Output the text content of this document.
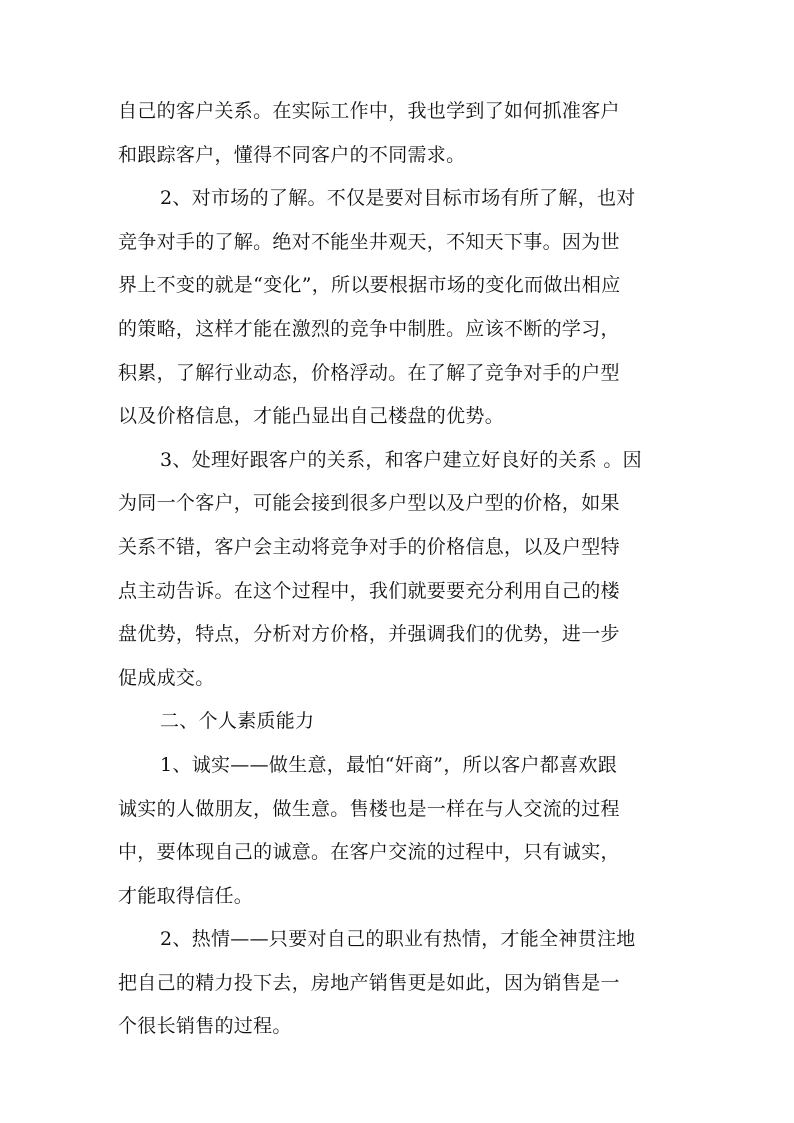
自己的客户关系。在实际工作中，我也学到了如何抓准客户
和跟踪客户，懂得不同客户的不同需求。
2、对市场的了解。不仅是要对目标市场有所了解，也对
竞争对手的了解。绝对不能坐井观天，不知天下事。因为世
界上不变的就是“变化”，所以要根据市场的变化而做出相应
的策略，这样才能在激烈的竞争中制胜。应该不断的学习，
积累，了解行业动态，价格浮动。在了解了竞争对手的户型
以及价格信息，才能凸显出自己楼盘的优势。
3、处理好跟客户的关系，和客户建立好良好的关系 。因
为同一个客户，可能会接到很多户型以及户型的价格，如果
关系不错，客户会主动将竞争对手的价格信息，以及户型特
点主动告诉。在这个过程中，我们就要要充分利用自己的楼
盘优势，特点，分析对方价格，并强调我们的优势，进一步
促成成交。
二、个人素质能力
1、诚实——做生意，最怕“奸商”，所以客户都喜欢跟
诚实的人做朋友，做生意。售楼也是一样在与人交流的过程
中，要体现自己的诚意。在客户交流的过程中，只有诚实，
才能取得信任。
2、热情——只要对自己的职业有热情，才能全神贯注地
把自己的精力投下去，房地产销售更是如此，因为销售是一
个很长销售的过程。
